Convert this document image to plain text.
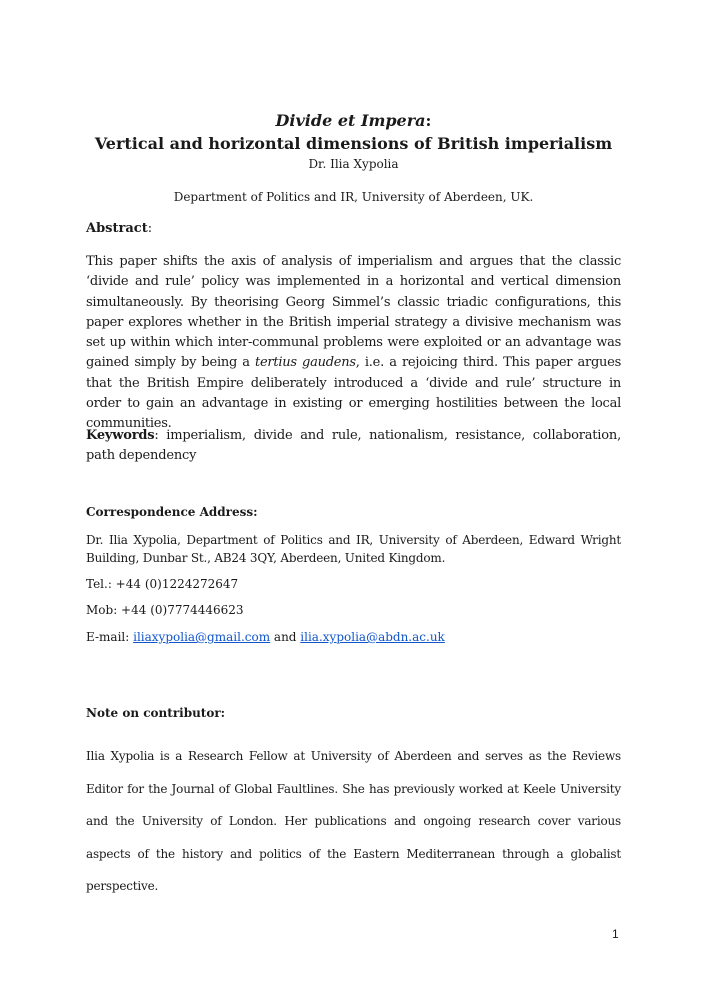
Divide et Impera:
Vertical and horizontal dimensions of British imperialism
Dr. Ilia Xypolia
Department of Politics and IR, University of Aberdeen, UK.
Abstract:
This paper shifts the axis of analysis of imperialism and argues that the classic ‘divide and rule’ policy was implemented in a horizontal and vertical dimension simultaneously. By theorising Georg Simmel’s classic triadic configurations, this paper explores whether in the British imperial strategy a divisive mechanism was set up within which inter-communal problems were exploited or an advantage was gained simply by being a tertius gaudens, i.e. a rejoicing third. This paper argues that the British Empire deliberately introduced a ‘divide and rule’ structure in order to gain an advantage in existing or emerging hostilities between the local communities.
Keywords: imperialism, divide and rule, nationalism, resistance, collaboration, path dependency
Correspondence Address:
Dr. Ilia Xypolia, Department of Politics and IR, University of Aberdeen, Edward Wright Building, Dunbar St., AB24 3QY, Aberdeen, United Kingdom.
Tel.: +44 (0)1224272647
Mob: +44 (0)7774446623
E-mail: iliaxypolia@gmail.com and ilia.xypolia@abdn.ac.uk
Note on contributor:
Ilia Xypolia is a Research Fellow at University of Aberdeen and serves as the Reviews Editor for the Journal of Global Faultlines. She has previously worked at Keele University and the University of London. Her publications and ongoing research cover various aspects of the history and politics of the Eastern Mediterranean through a globalist perspective.
1
